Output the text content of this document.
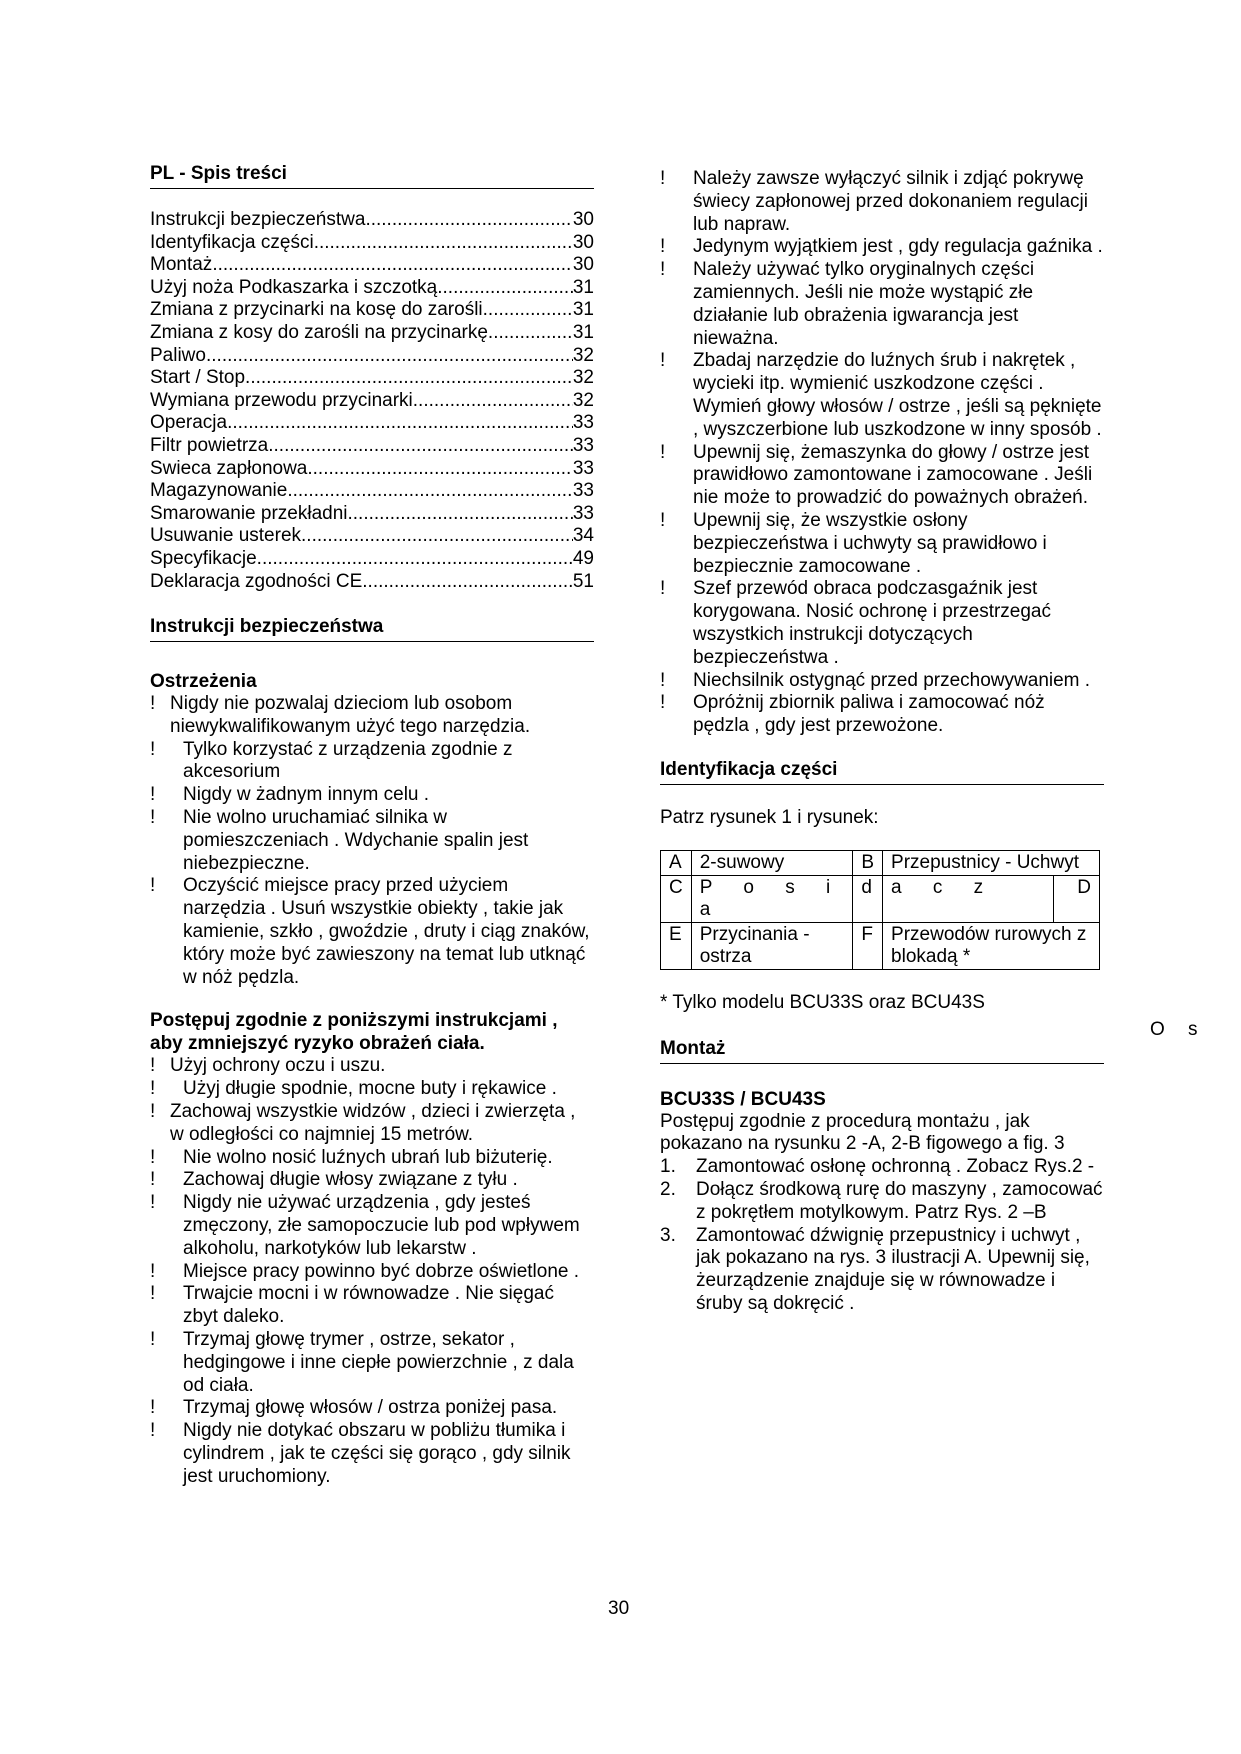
PL - Spis treści
Instrukcji bezpieczeństwa .....	30
Identyfikacja części .....	30
Montaż .....	30
Użyj noża Podkaszarka i szczotką .....	31
Zmiana z przycinarki na kosę do zarośli .....	31
Zmiana z kosy do zarośli na przycinarkę .....	31
Paliwo .....	32
Start / Stop .....	32
Wymiana przewodu przycinarki .....	32
Operacja .....	33
Filtr powietrza .....	33
Swieca zapłonowa .....	33
Magazynowanie .....	33
Smarowanie przekładni .....	33
Usuwanie usterek .....	34
Specyfikacje .....	49
Deklaracja zgodności CE .....	51
Instrukcji bezpieczeństwa
Ostrzeżenia
! Nigdy nie pozwalaj dzieciom lub osobom niewykwalifikowanym użyć tego narzędzia.
!	Tylko korzystać z urządzenia zgodnie z akcesorium
!	Nigdy w żadnym innym celu .
!	Nie wolno uruchamiać silnika w pomieszczeniach . Wdychanie spalin jest niebezpieczne.
!	Oczyścić miejsce pracy przed użyciem narzędzia . Usuń wszystkie obiekty , takie jak kamienie, szkło , gwoździe , druty i ciąg znaków, który może być zawieszony na temat lub utknąć w nóż pędzla.
Postępuj zgodnie z poniższymi instrukcjami , aby zmniejszyć ryzyko obrażeń ciała.
! Użyj ochrony oczu i uszu.
!	Użyj długie spodnie, mocne buty i rękawice .
! Zachowaj wszystkie widzów , dzieci i zwierzęta , w odległości co najmniej 15 metrów.
!	Nie wolno nosić luźnych ubrań lub biżuterię.
!	Zachowaj długie włosy związane z tyłu .
!	Nigdy nie używać urządzenia , gdy jesteś zmęczony, złe samopoczucie lub pod wpływem alkoholu, narkotyków lub lekarstw .
!	Miejsce pracy powinno być dobrze oświetlone .
!	Trwajcie mocni i w równowadze . Nie sięgać zbyt daleko.
!	Trzymaj głowę trymer , ostrze, sekator , hedgingowe i inne ciepłe powierzchnie , z dala od ciała.
!	Trzymaj głowę włosów / ostrza poniżej pasa.
!	Nigdy nie dotykać obszaru w pobliżu tłumika i cylindrem , jak te części się gorąco , gdy silnik jest uruchomiony.
!	Należy zawsze wyłączyć silnik i zdjąć pokrywę świecy zapłonowej przed dokonaniem regulacji lub napraw.
!	Jedynym wyjątkiem jest , gdy regulacja gaźnika .
!	Należy używać tylko oryginalnych części zamiennych. Jeśli nie może wystąpić złe działanie lub obrażenia igwarancja jest nieważna.
!	Zbadaj narzędzie do luźnych śrub i nakrętek , wycieki itp. wymienić uszkodzone części . Wymień głowy włosów / ostrze , jeśli są pęknięte , wyszczerbione lub uszkodzone w inny sposób .
!	Upewnij się, żemaszynka do głowy / ostrze jest prawidłowo zamontowane i zamocowane . Jeśli nie może to prowadzić do poważnych obrażeń.
!	Upewnij się, że wszystkie osłony bezpieczeństwa i uchwyty są prawidłowo i bezpiecznie zamocowane .
!	Szef przewód obraca podczasgaźnik jest korygowana. Nosić ochronę i przestrzegać wszystkich instrukcji dotyczących bezpieczeństwa .
!	Niechsilnik ostygnąć przed przechowywaniem .
!	Opróżnij zbiornik paliwa i zamocować nóż pędzla , gdy jest przewożone.
Identyfikacja części
Patrz rysunek 1 i rysunek:
A	2-suwowy	B	Przepustnicy - Uchwyt	
C	P o s i a	d	a c z	D
E	Przycinania - ostrza	F	Przewodów rurowych z blokadą *	
* Tylko modelu BCU33S oraz BCU43S
Montaż
BCU33S / BCU43S
Postępuj zgodnie z procedurą montażu , jak pokazano na rysunku 2 -A, 2-B figowego a fig. 3
1.	Zamontować osłonę ochronną . Zobacz Rys.2 -
2.	Dołącz środkową rurę do maszyny , zamocować z pokrętłem motylkowym. Patrz Rys. 2 –B
3.	Zamontować dźwignię przepustnicy i uchwyt , jak pokazano na rys. 3 ilustracji A. Upewnij się, żeurządzenie znajduje się w równowadze i śruby są dokręcić .
O s
30
